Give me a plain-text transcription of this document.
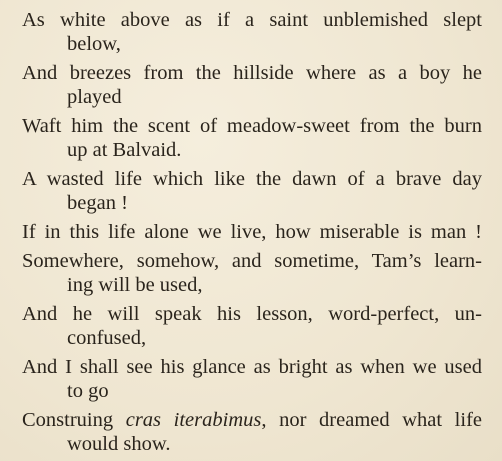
As white above as if a saint unblemished slept

below,

And breezes from the hillside where as a boy he

played

Waft him the scent of meadow-sweet from the burn

up at Balvaid.

A wasted life which like the dawn of a brave day

began !

If in this life alone we live, how miserable is man !

Somewhere, somehow, and sometime, Tam’s learn-

ing will be used,

And he will speak his lesson, word-perfect, un-

confused,

And I shall see his glance as bright as when we used

to go

Construing cras iterabimus, nor dreamed what life

would show.
